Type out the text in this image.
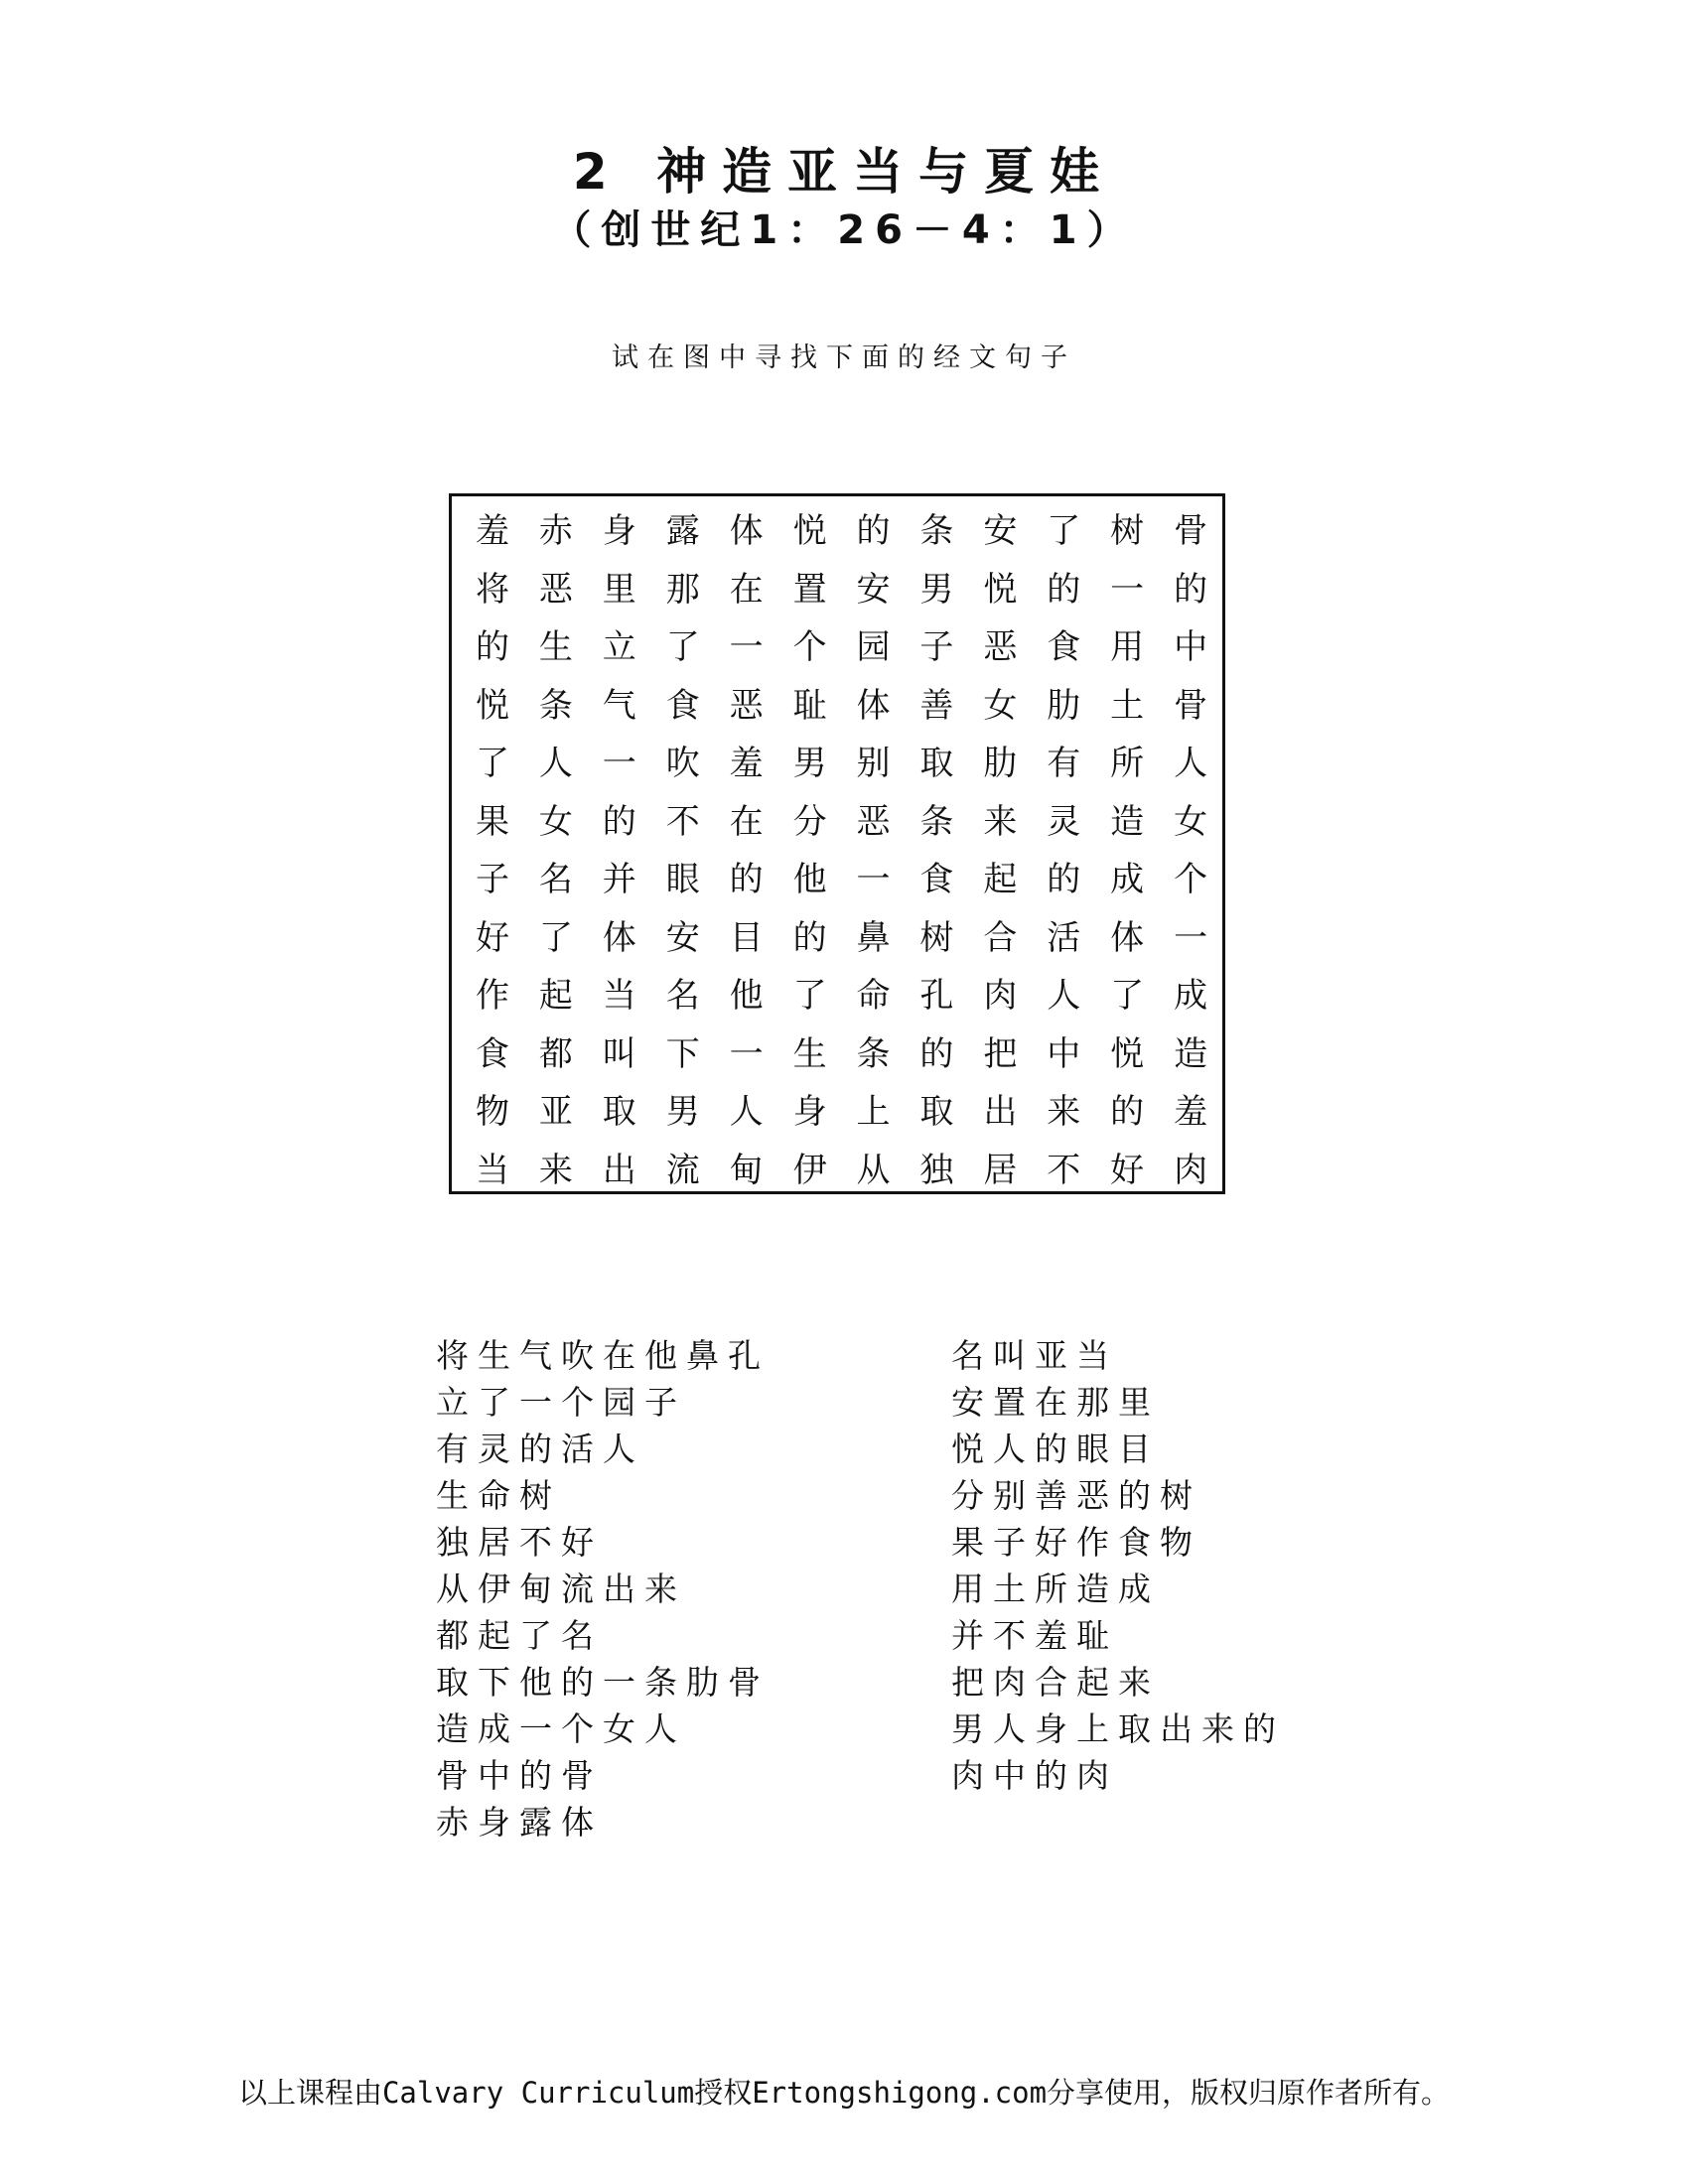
2 神造亚当与夏娃
（创世纪1：26－4：1）
试在图中寻找下面的经文句子
羞 赤 身 露 体 悦 的 条 安 了 树 骨
将 恶 里 那 在 置 安 男 悦 的 一 的
的 生 立 了 一 个 园 子 恶 食 用 中
悦 条 气 食 恶 耻 体 善 女 肋 土 骨
了 人 一 吹 羞 男 别 取 肋 有 所 人
果 女 的 不 在 分 恶 条 来 灵 造 女
子 名 并 眼 的 他 一 食 起 的 成 个
好 了 体 安 目 的 鼻 树 合 活 体 一
作 起 当 名 他 了 命 孔 肉 人 了 成
食 都 叫 下 一 生 条 的 把 中 悦 造
物 亚 取 男 人 身 上 取 出 来 的 羞
当 来 出 流 甸 伊 从 独 居 不 好 肉
将生气吹在他鼻孔
立了一个园子
有灵的活人
生命树
独居不好
从伊甸流出来
都起了名
取下他的一条肋骨
造成一个女人
骨中的骨
赤身露体
名叫亚当
安置在那里
悦人的眼目
分别善恶的树
果子好作食物
用土所造成
并不羞耻
把肉合起来
男人身上取出来的
肉中的肉
以上课程由Calvary Curriculum授权Ertongshigong.com分享使用，版权归原作者所有。
